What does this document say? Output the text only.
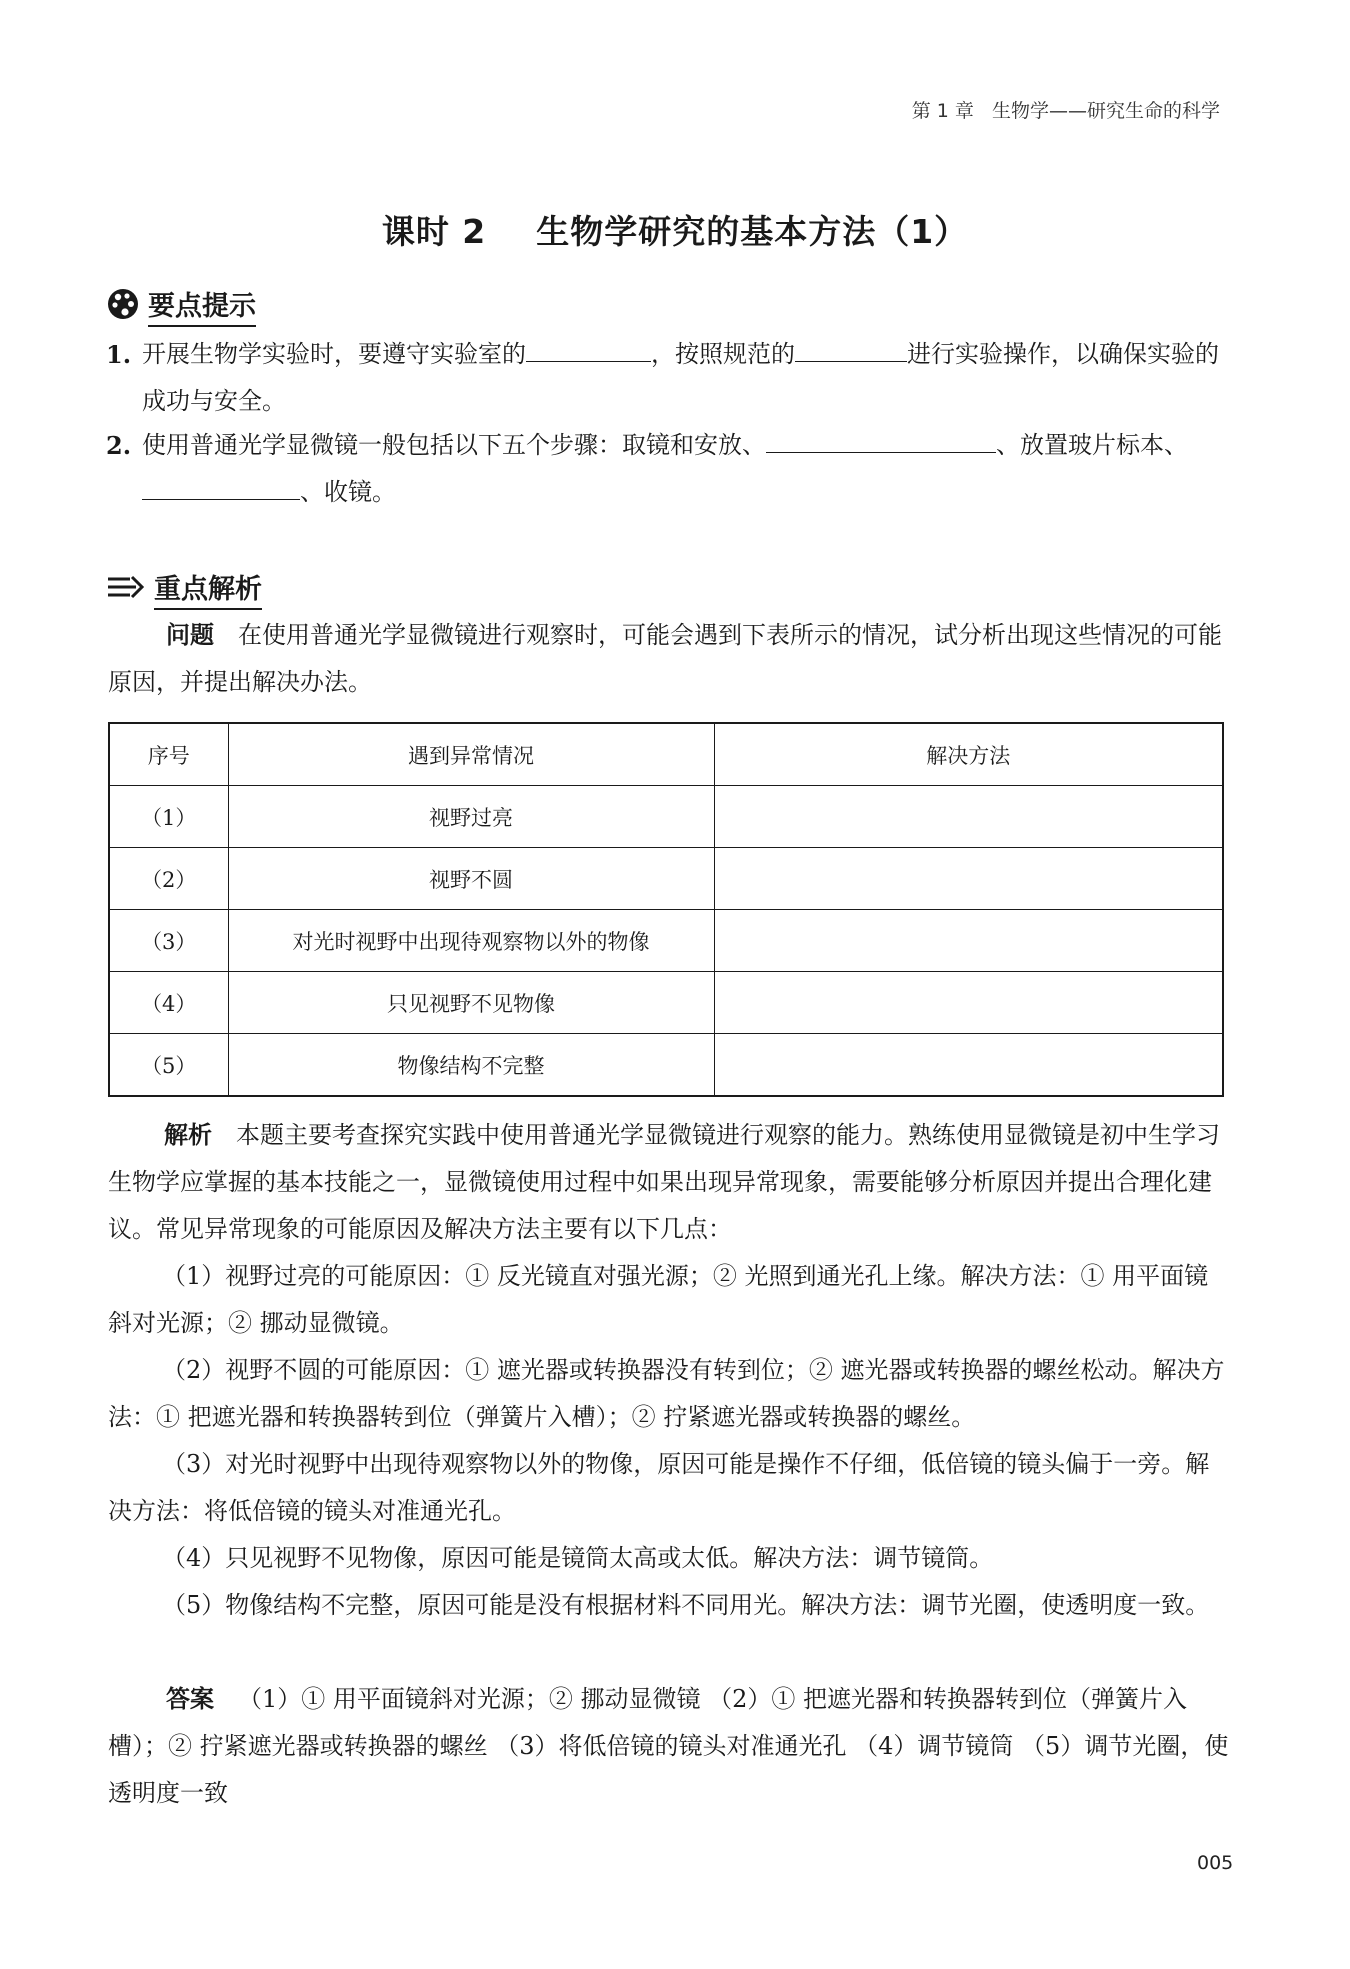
第 1 章   生物学——研究生命的科学
课时 2    生物学研究的基本方法（1）
要点提示
1. 开展生物学实验时，要遵守实验室的	，按照规范的	进行实验操作，以确保实验的成功与安全。
2. 使用普通光学显微镜一般包括以下五个步骤：取镜和安放、	、放置玻片标本、、收镜。
重点解析
问题 在使用普通光学显微镜进行观察时，可能会遇到下表所示的情况，试分析出现这些情况的可能原因，并提出解决办法。
序号	遇到异常情况	解决方法
（1）	视野过亮	
（2）	视野不圆	
（3）	对光时视野中出现待观察物以外的物像	
（4）	只见视野不见物像	
（5）	物像结构不完整	
解析 本题主要考查探究实践中使用普通光学显微镜进行观察的能力。熟练使用显微镜是初中生学习生物学应掌握的基本技能之一，显微镜使用过程中如果出现异常现象，需要能够分析原因并提出合理化建议。常见异常现象的可能原因及解决方法主要有以下几点：
（1）视野过亮的可能原因：① 反光镜直对强光源；② 光照到通光孔上缘。解决方法：① 用平面镜斜对光源；② 挪动显微镜。
（2）视野不圆的可能原因：① 遮光器或转换器没有转到位；② 遮光器或转换器的螺丝松动。解决方法：① 把遮光器和转换器转到位（弹簧片入槽）；② 拧紧遮光器或转换器的螺丝。
（3）对光时视野中出现待观察物以外的物像，原因可能是操作不仔细，低倍镜的镜头偏于一旁。解决方法：将低倍镜的镜头对准通光孔。
（4）只见视野不见物像，原因可能是镜筒太高或太低。解决方法：调节镜筒。
（5）物像结构不完整，原因可能是没有根据材料不同用光。解决方法：调节光圈，使透明度一致。
答案 （1）① 用平面镜斜对光源；② 挪动显微镜 （2）① 把遮光器和转换器转到位（弹簧片入槽）；② 拧紧遮光器或转换器的螺丝 （3）将低倍镜的镜头对准通光孔 （4）调节镜筒 （5）调节光圈，使透明度一致
005
